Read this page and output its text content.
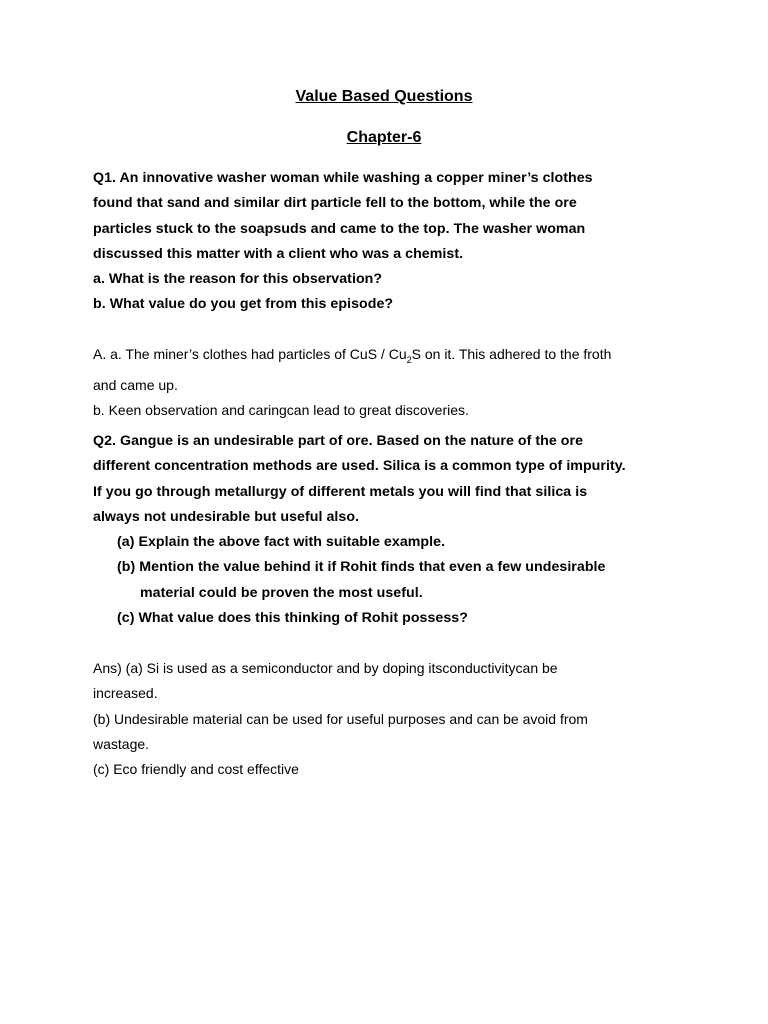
Value Based Questions
Chapter-6

Q1. An innovative washer woman while washing a copper miner’s clothes

found that sand and similar dirt particle fell to the bottom, while the ore

particles stuck to the soapsuds and came to the top. The washer woman

discussed this matter with a client who was a chemist.

a. What is the reason for this observation?

b. What value do you get from this episode?

A. a. The miner’s clothes had particles of CuS / $Cu_2S$ on it. This adhered to the froth

and came up.

b. Keen observation and caringcan lead to great discoveries.

Q2. Gangue is an undesirable part of ore. Based on the nature of the ore

different concentration methods are used. Silica is a common type of impurity.

If you go through metallurgy of different metals you will find that silica is

always not undesirable but useful also.

(a) Explain the above fact with suitable example.

(b) Mention the value behind it if Rohit finds that even a few undesirable

material could be proven the most useful.

(c) What value does this thinking of Rohit possess?

Ans) (a) Si is used as a semiconductor and by doping itsconductivitycan be

increased.

(b) Undesirable material can be used for useful purposes and can be avoid from

wastage.

(c) Eco friendly and cost effective
